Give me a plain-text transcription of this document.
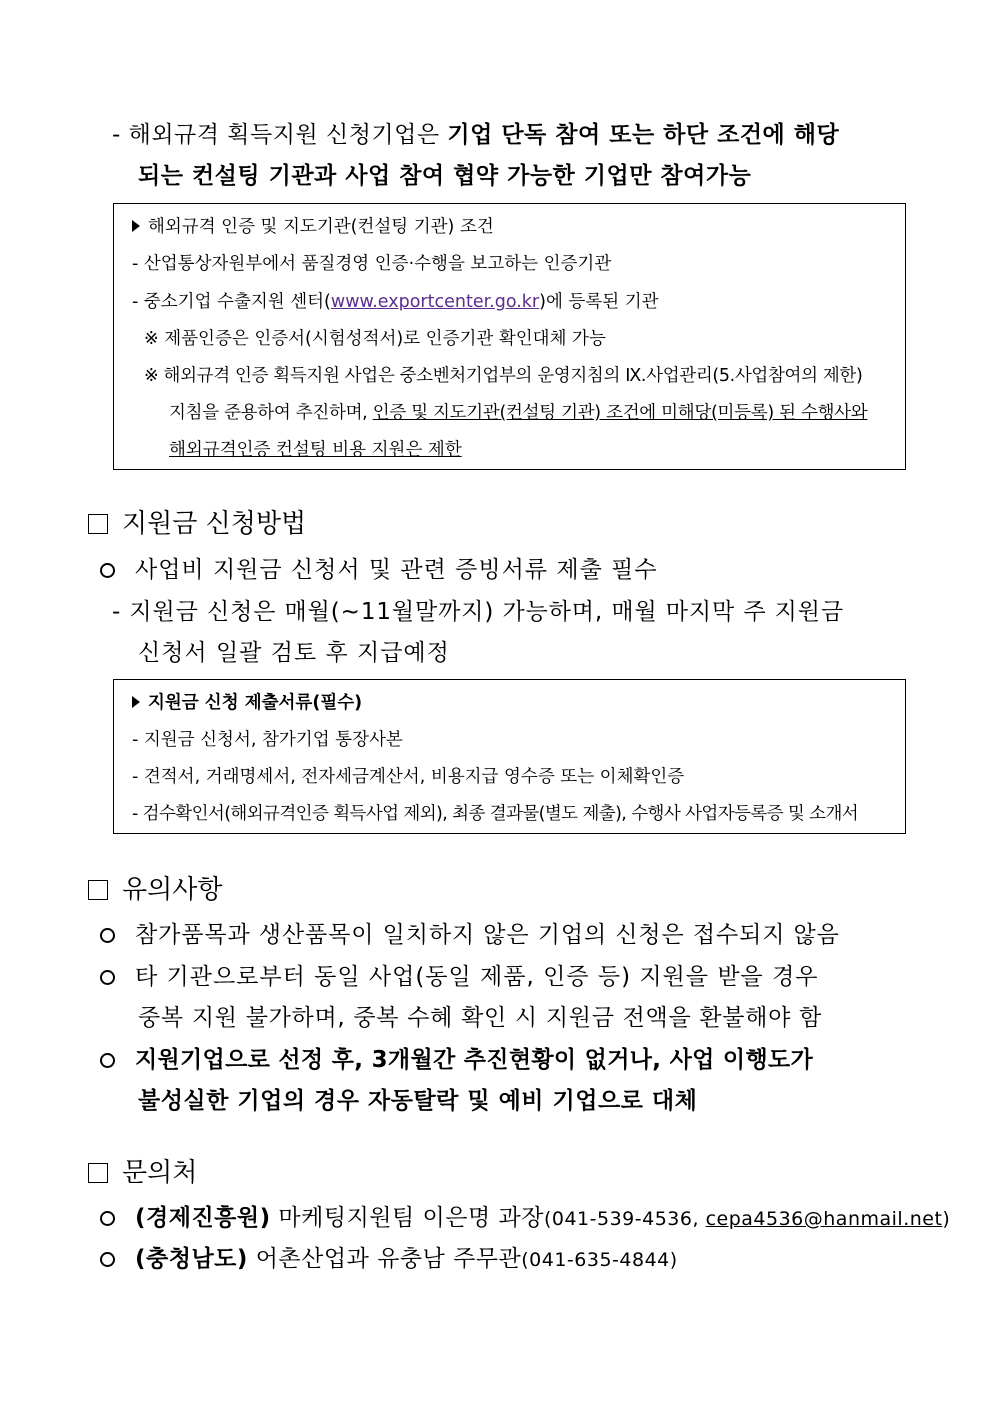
- 해외규격 획득지원 신청기업은 기업 단독 참여 또는 하단 조건에 해당
되는 컨설팅 기관과 사업 참여 협약 가능한 기업만 참여가능
해외규격 인증 및 지도기관(컨설팅 기관) 조건
- 산업통상자원부에서 품질경영 인증·수행을 보고하는 인증기관
- 중소기업 수출지원 센터(www.exportcenter.go.kr)에 등록된 기관
※ 제품인증은 인증서(시험성적서)로 인증기관 확인대체 가능
※ 해외규격 인증 획득지원 사업은 중소벤처기업부의 운영지침의 Ⅸ.사업관리(5.사업참여의 제한)
지침을 준용하여 추진하며, 인증 및 지도기관(컨설팅 기관) 조건에 미해당(미등록) 된 수행사와
해외규격인증 컨설팅 비용 지원은 제한
지원금 신청방법
사업비 지원금 신청서 및 관련 증빙서류 제출 필수
- 지원금 신청은 매월(~11월말까지) 가능하며, 매월 마지막 주 지원금
신청서 일괄 검토 후 지급예정
지원금 신청 제출서류(필수)
- 지원금 신청서, 참가기업 통장사본
- 견적서, 거래명세서, 전자세금계산서, 비용지급 영수증 또는 이체확인증
- 검수확인서(해외규격인증 획득사업 제외), 최종 결과물(별도 제출), 수행사 사업자등록증 및 소개서
유의사항
참가품목과 생산품목이 일치하지 않은 기업의 신청은 접수되지 않음
타 기관으로부터 동일 사업(동일 제품, 인증 등) 지원을 받을 경우
중복 지원 불가하며, 중복 수혜 확인 시 지원금 전액을 환불해야 함
지원기업으로 선정 후, 3개월간 추진현황이 없거나, 사업 이행도가
불성실한 기업의 경우 자동탈락 및 예비 기업으로 대체
문의처
(경제진흥원) 마케팅지원팀 이은명 과장(041-539-4536, cepa4536@hanmail.net)
(충청남도) 어촌산업과 유충남 주무관(041-635-4844)
